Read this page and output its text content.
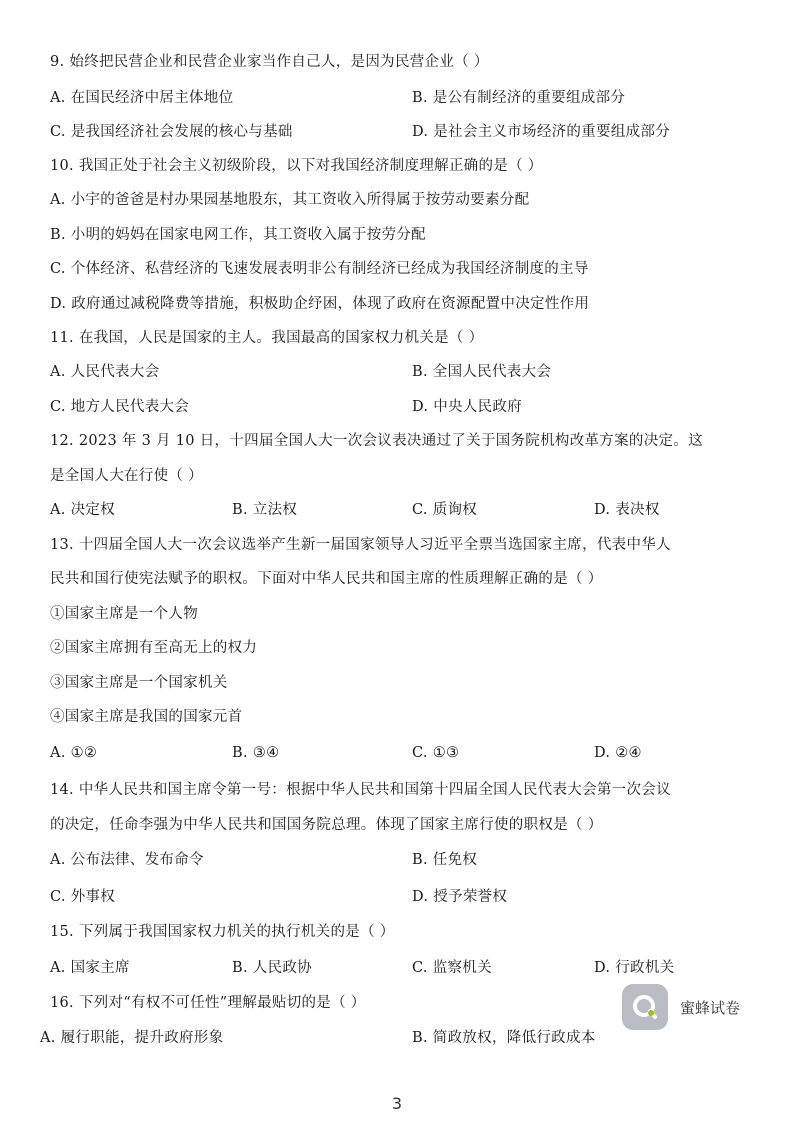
9. 始终把民营企业和民营企业家当作自己人，是因为民营企业（ ）
A. 在国民经济中居主体地位	B. 是公有制经济的重要组成部分
C. 是我国经济社会发展的核心与基础	D. 是社会主义市场经济的重要组成部分
10. 我国正处于社会主义初级阶段，以下对我国经济制度理解正确的是（ ）
A. 小宇的爸爸是村办果园基地股东，其工资收入所得属于按劳动要素分配
B. 小明的妈妈在国家电网工作，其工资收入属于按劳分配
C. 个体经济、私营经济的飞速发展表明非公有制经济已经成为我国经济制度的主导
D. 政府通过减税降费等措施，积极助企纾困，体现了政府在资源配置中决定性作用
11. 在我国，人民是国家的主人。我国最高的国家权力机关是（ ）
A. 人民代表大会	B. 全国人民代表大会
C. 地方人民代表大会	D. 中央人民政府
12. 2023 年 3 月 10 日，十四届全国人大一次会议表决通过了关于国务院机构改革方案的决定。这
是全国人大在行使（ ）
A. 决定权	B. 立法权	C. 质询权	D. 表决权
13. 十四届全国人大一次会议选举产生新一届国家领导人习近平全票当选国家主席，代表中华人
民共和国行使宪法赋予的职权。下面对中华人民共和国主席的性质理解正确的是（ ）
①国家主席是一个人物
②国家主席拥有至高无上的权力
③国家主席是一个国家机关
④国家主席是我国的国家元首
A. ①②	B. ③④	C. ①③	D. ②④
14. 中华人民共和国主席令第一号：根据中华人民共和国第十四届全国人民代表大会第一次会议
的决定，任命李强为中华人民共和国国务院总理。体现了国家主席行使的职权是（ ）
A. 公布法律、发布命令	B. 任免权
C. 外事权	D. 授予荣誉权
15. 下列属于我国国家权力机关的执行机关的是（ ）
A. 国家主席	B. 人民政协	C. 监察机关	D. 行政机关
16. 下列对“有权不可任性”理解最贴切的是（ ）
A. 履行职能，提升政府形象	B. 简政放权，降低行政成本
蜜蜂试卷
3
